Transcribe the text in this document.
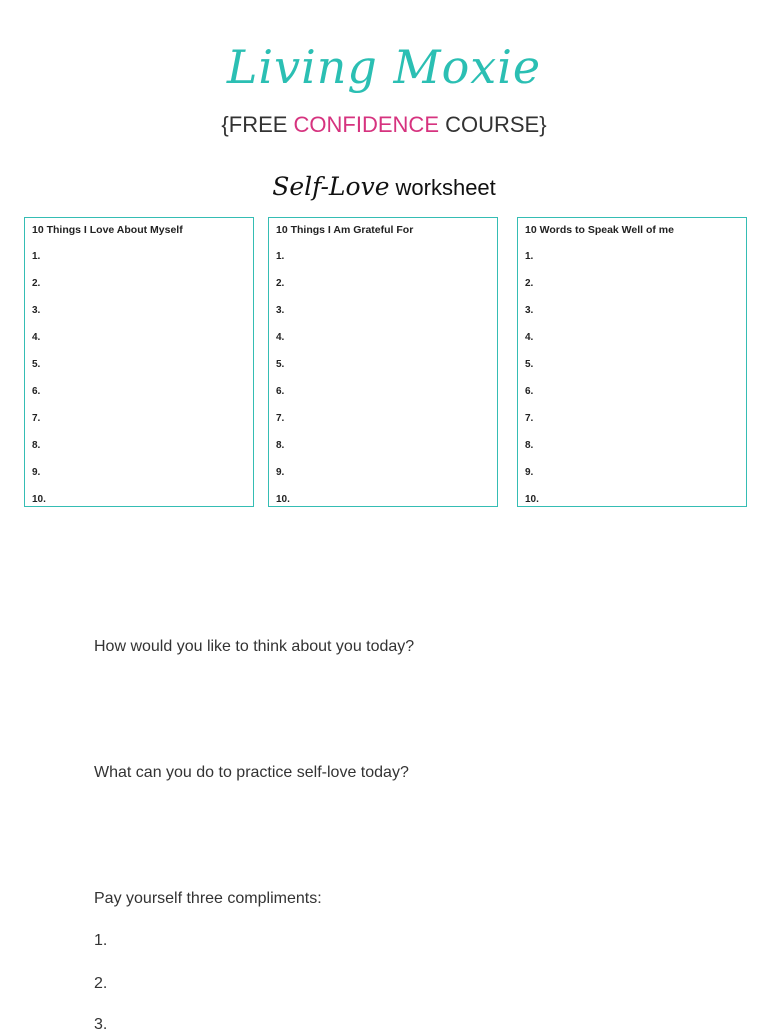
Living Moxie
{FREE CONFIDENCE COURSE}
Self-Love worksheet
10 Things I Love About Myself
1.
2.
3.
4.
5.
6.
7.
8.
9.
10.
10 Things I Am Grateful For
1.
2.
3.
4.
5.
6.
7.
8.
9.
10.
10 Words to Speak Well of me
1.
2.
3.
4.
5.
6.
7.
8.
9.
10.
How would you like to think about you today?
What can you do to practice self-love today?
Pay yourself three compliments:
1.
2.
3.
